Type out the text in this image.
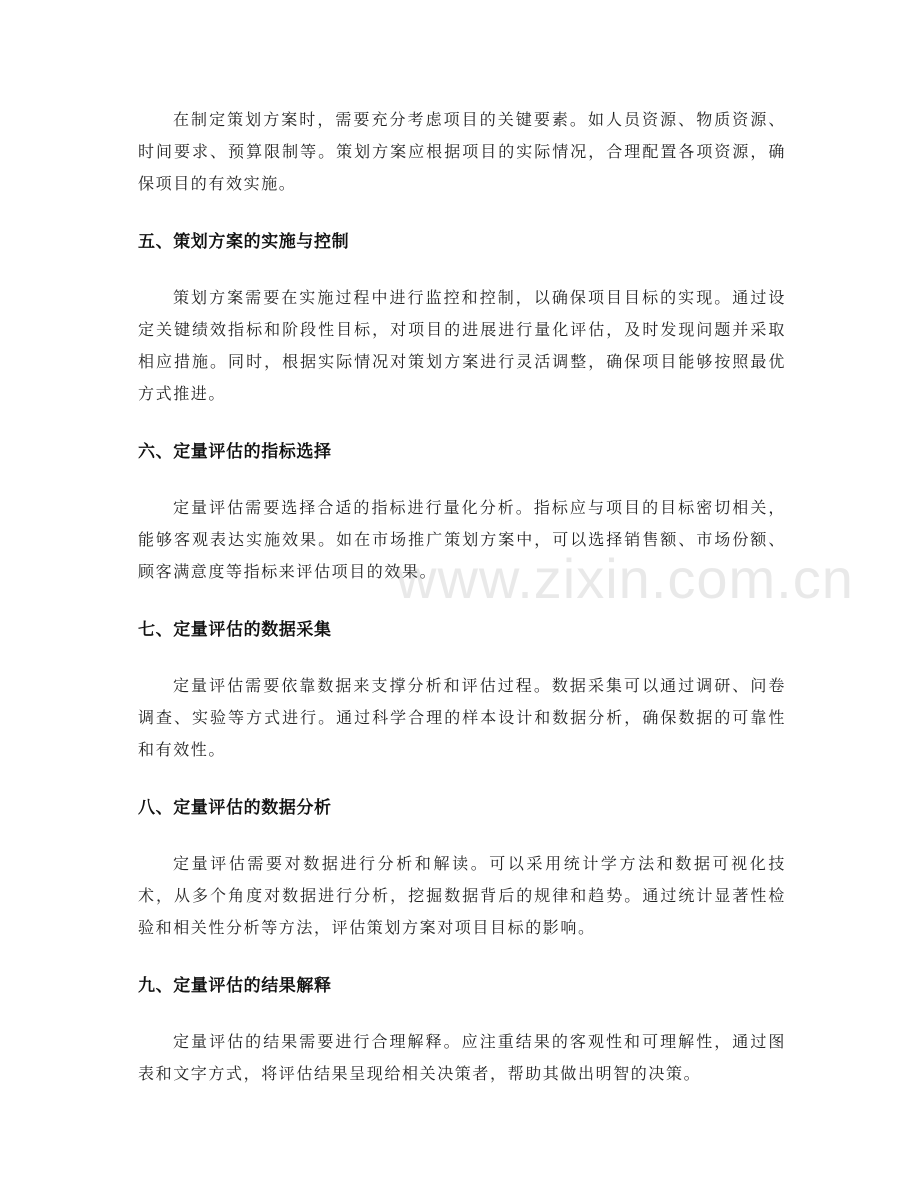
在制定策划方案时，需要充分考虑项目的关键要素。如人员资源、物质资源、时间要求、预算限制等。策划方案应根据项目的实际情况，合理配置各项资源，确保项目的有效实施。

五、策划方案的实施与控制

策划方案需要在实施过程中进行监控和控制，以确保项目目标的实现。通过设定关键绩效指标和阶段性目标，对项目的进展进行量化评估，及时发现问题并采取相应措施。同时，根据实际情况对策划方案进行灵活调整，确保项目能够按照最优方式推进。

六、定量评估的指标选择

定量评估需要选择合适的指标进行量化分析。指标应与项目的目标密切相关，能够客观表达实施效果。如在市场推广策划方案中，可以选择销售额、市场份额、顾客满意度等指标来评估项目的效果。

七、定量评估的数据采集

定量评估需要依靠数据来支撑分析和评估过程。数据采集可以通过调研、问卷调查、实验等方式进行。通过科学合理的样本设计和数据分析，确保数据的可靠性和有效性。

八、定量评估的数据分析

定量评估需要对数据进行分析和解读。可以采用统计学方法和数据可视化技术，从多个角度对数据进行分析，挖掘数据背后的规律和趋势。通过统计显著性检验和相关性分析等方法，评估策划方案对项目目标的影响。

九、定量评估的结果解释

定量评估的结果需要进行合理解释。应注重结果的客观性和可理解性，通过图表和文字方式，将评估结果呈现给相关决策者，帮助其做出明智的决策。

www.zixin.com.cn
